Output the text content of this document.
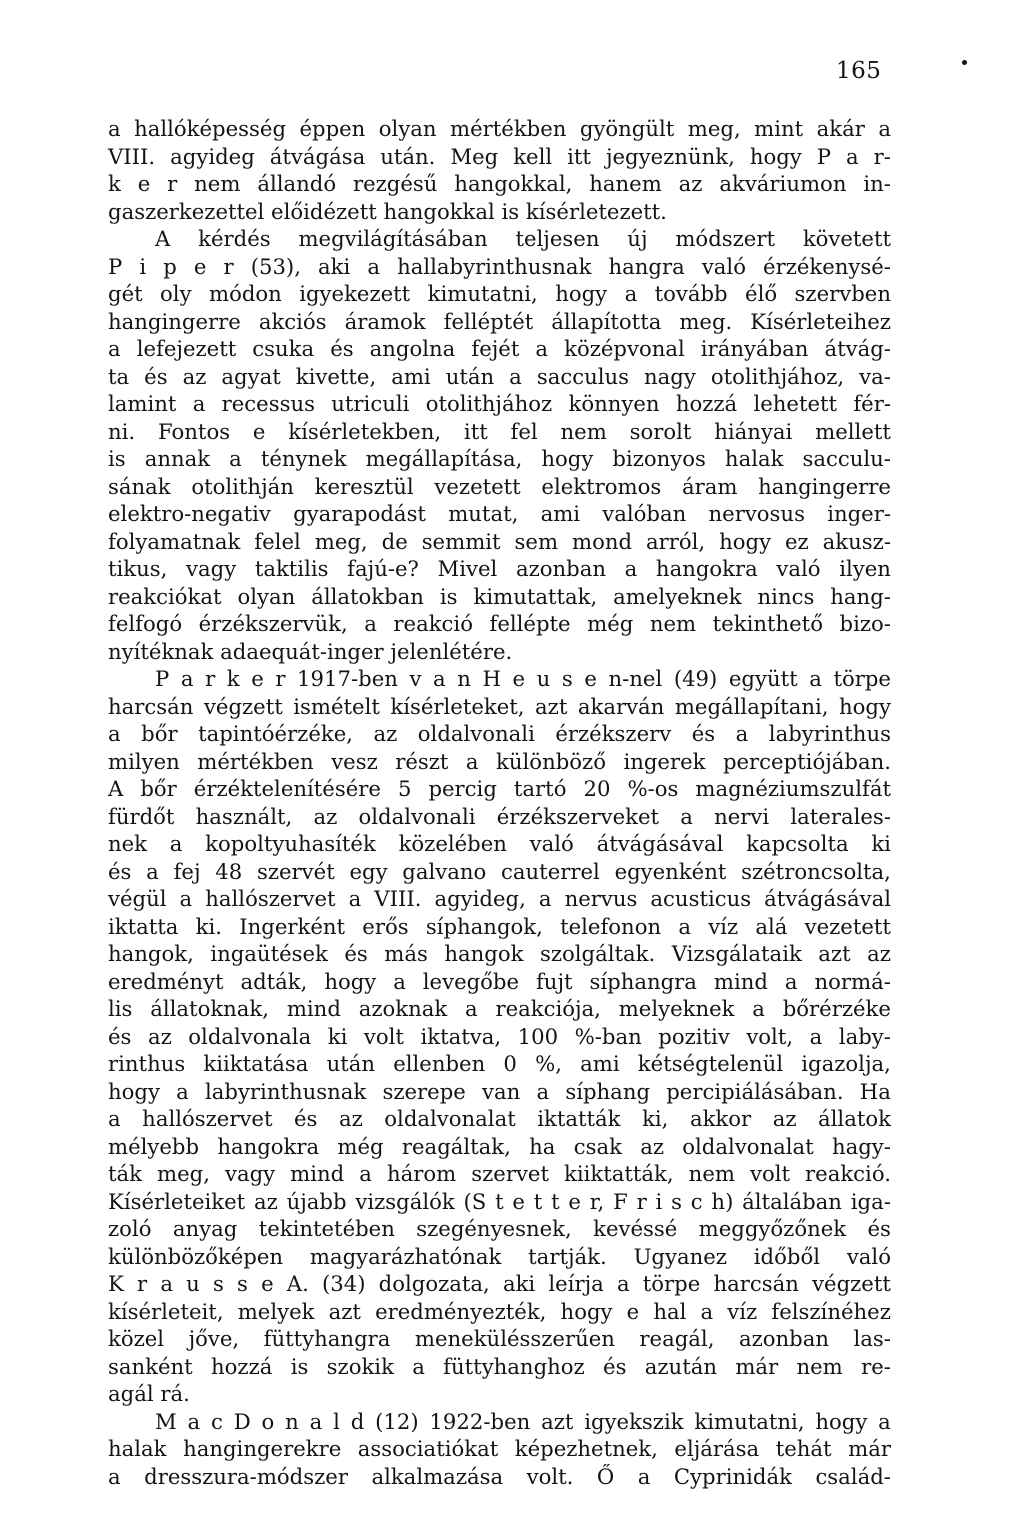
165
a hallóképesség éppen olyan mértékben gyöngült meg, mint akár a
VIII. agyideg átvágása után. Meg kell itt jegyeznünk, hogy P a r-
k e r nem állandó rezgésű hangokkal, hanem az akváriumon in-
gaszerkezettel előidézett hangokkal is kísérletezett.
A kérdés megvilágításában teljesen új módszert követett
P i p e r (53), aki a hallabyrinthusnak hangra való érzékenysé-
gét oly módon igyekezett kimutatni, hogy a tovább élő szervben
hangingerre akciós áramok felléptét állapította meg. Kísérleteihez
a lefejezett csuka és angolna fejét a középvonal irányában átvág-
ta és az agyat kivette, ami után a sacculus nagy otolithjához, va-
lamint a recessus utriculi otolithjához könnyen hozzá lehetett fér-
ni. Fontos e kísérletekben, itt fel nem sorolt hiányai mellett
is annak a ténynek megállapítása, hogy bizonyos halak sacculu-
sának otolithján keresztül vezetett elektromos áram hangingerre
elektro-negativ gyarapodást mutat, ami valóban nervosus inger-
folyamatnak felel meg, de semmit sem mond arról, hogy ez akusz-
tikus, vagy taktilis fajú-e? Mivel azonban a hangokra való ilyen
reakciókat olyan állatokban is kimutattak, amelyeknek nincs hang-
felfogó érzékszervük, a reakció fellépte még nem tekinthető bizo-
nyítéknak adaequát-inger jelenlétére.
P a r k e r 1917-ben v a n H e u s e n-nel (49) együtt a törpe
harcsán végzett ismételt kísérleteket, azt akarván megállapítani, hogy
a bőr tapintóérzéke, az oldalvonali érzékszerv és a labyrinthus
milyen mértékben vesz részt a különböző ingerek perceptiójában.
A bőr érzéktelenítésére 5 percig tartó 20 %-os magnéziumszulfát
fürdőt használt, az oldalvonali érzékszerveket a nervi laterales-
nek a kopoltyuhasíték közelében való átvágásával kapcsolta ki
és a fej 48 szervét egy galvano cauterrel egyenként szétroncsolta,
végül a hallószervet a VIII. agyideg, a nervus acusticus átvágásával
iktatta ki. Ingerként erős síphangok, telefonon a víz alá vezetett
hangok, ingaütések és más hangok szolgáltak. Vizsgálataik azt az
eredményt adták, hogy a levegőbe fujt síphangra mind a normá-
lis állatoknak, mind azoknak a reakciója, melyeknek a bőrérzéke
és az oldalvonala ki volt iktatva, 100 %-ban pozitiv volt, a laby-
rinthus kiiktatása után ellenben 0 %, ami kétségtelenül igazolja,
hogy a labyrinthusnak szerepe van a síphang percipiálásában. Ha
a hallószervet és az oldalvonalat iktatták ki, akkor az állatok
mélyebb hangokra még reagáltak, ha csak az oldalvonalat hagy-
ták meg, vagy mind a három szervet kiiktatták, nem volt reakció.
Kísérleteiket az újabb vizsgálók (S t e t t e r, F r i s c h) általában iga-
zoló anyag tekintetében szegényesnek, kevéssé meggyőzőnek és
különbözőképen magyarázhatónak tartják. Ugyanez időből való
K r a u s s e A. (34) dolgozata, aki leírja a törpe harcsán végzett
kísérleteit, melyek azt eredményezték, hogy e hal a víz felszínéhez
közel jőve, füttyhangra menekülésszerűen reagál, azonban las-
sanként hozzá is szokik a füttyhanghoz és azután már nem re-
agál rá.
M a c D o n a l d (12) 1922-ben azt igyekszik kimutatni, hogy a
halak hangingerekre associatiókat képezhetnek, eljárása tehát már
a dresszura-módszer alkalmazása volt. Ő a Cyprinidák család-
